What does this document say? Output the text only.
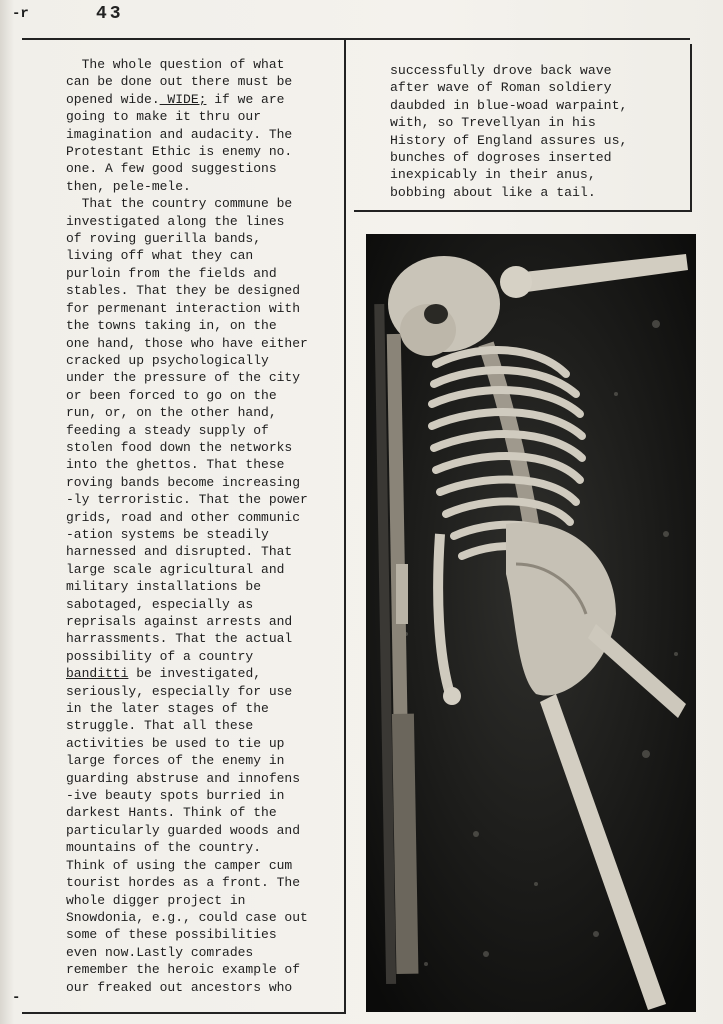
-r	43
-
The whole question of what
can be done out there must be
opened wide. WIDE; if we are
going to make it thru our
imagination and audacity. The
Protestant Ethic is enemy no.
one. A few good suggestions
then, pele-mele.
That the country commune be
investigated along the lines
of roving guerilla bands,
living off what they can
purloin from the fields and
stables. That they be designed
for permenant interaction with
the towns taking in, on the
one hand, those who have either
cracked up psychologically
under the pressure of the city
or been forced to go on the
run, or, on the other hand,
feeding a steady supply of
stolen food down the networks
into the ghettos. That these
roving bands become increasing
-ly terroristic. That the power
grids, road and other communic
-ation systems be steadily
harnessed and disrupted. That
large scale agricultural and
military installations be
sabotaged, especially as
reprisals against arrests and
harrassments. That the actual
possibility of a country
banditti be investigated,
seriously, especially for use
in the later stages of the
struggle. That all these
activities be used to tie up
large forces of the enemy in
guarding abstruse and innofens
-ive beauty spots burried in
darkest Hants. Think of the
particularly guarded woods and
mountains of the country.
Think of using the camper cum
tourist hordes as a front. The
whole digger project in
Snowdonia, e.g., could case out
some of these possibilities
even now.Lastly comrades
remember the heroic example of
our freaked out ancestors who
successfully drove back wave
after wave of Roman soldiery
daubded in blue-woad warpaint,
with, so Trevellyan in his
History of England assures us,
bunches of dogroses inserted
inexpicably in their anus,
bobbing about like a tail.
